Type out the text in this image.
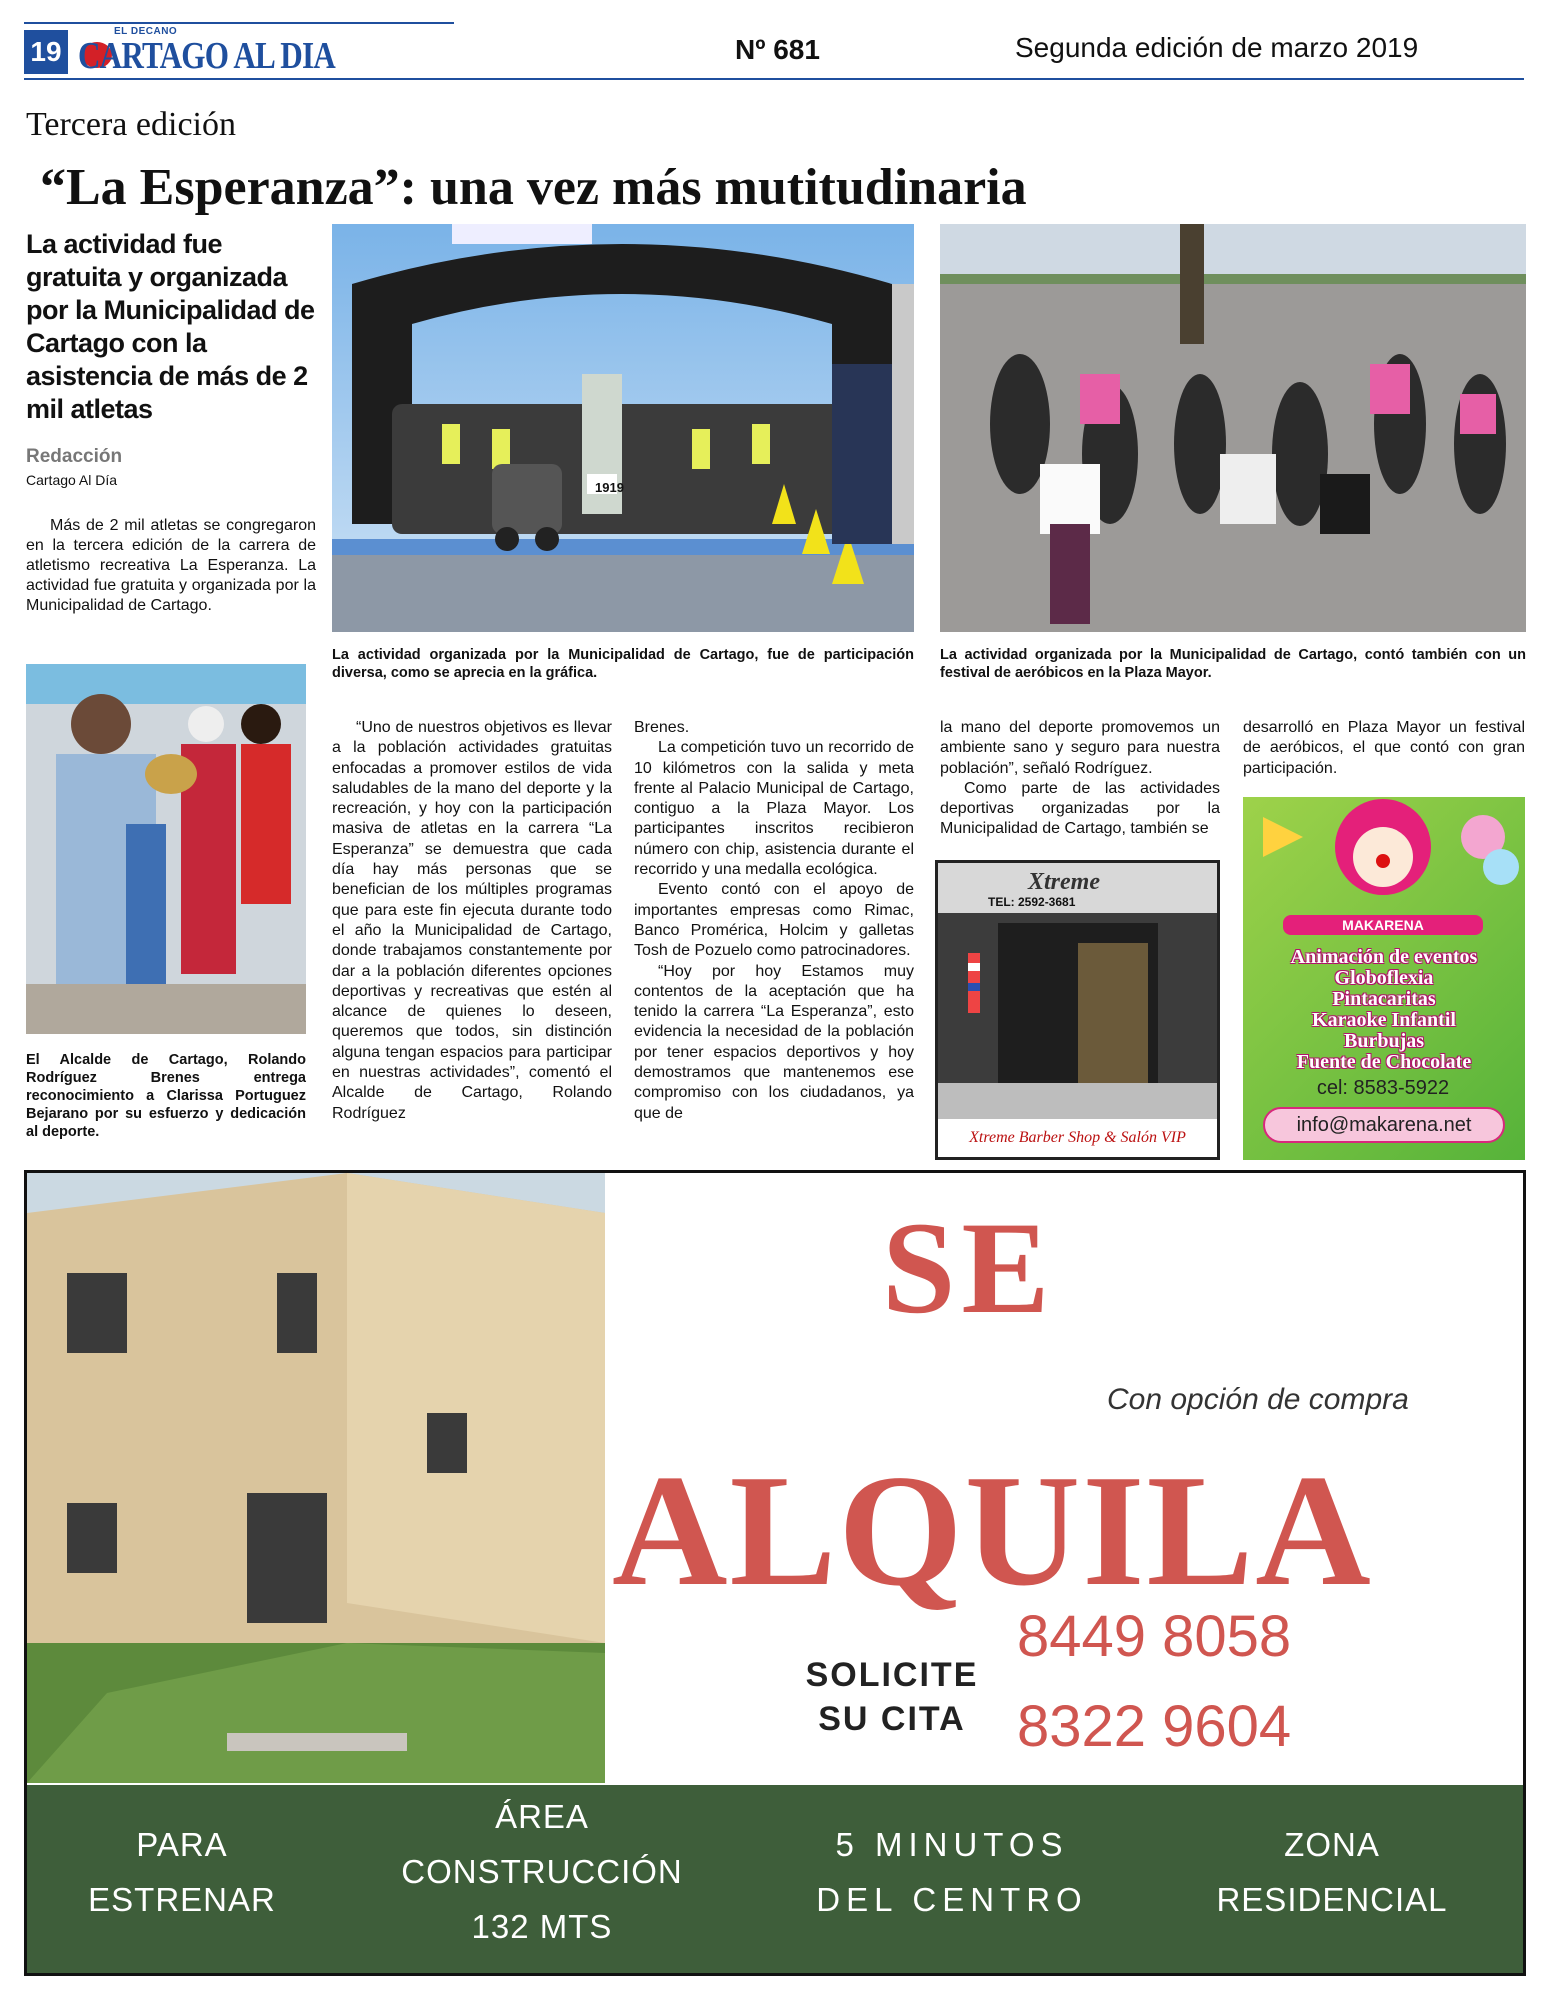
19
EL DECANO
CARTAGO AL DIA	Nº 681	Segunda edición de marzo 2019
Tercera edición
“La Esperanza”: una vez más mutitudinaria
La actividad fue gratuita y organizada por la Municipalidad de Cartago con la asistencia de más de 2 mil atletas
Redacción
Cartago Al Día
Más de 2 mil atletas se congregaron en la tercera edición de la carrera de atletismo recreativa La Esperanza. La actividad fue gratuita y organizada por la Municipalidad de Cartago.
1919
La actividad organizada por la Municipalidad de Cartago, fue de participación diversa, como se aprecia en la gráfica.
La actividad organizada por la Municipalidad de Cartago, contó también con un festival de aeróbicos en la Plaza Mayor.
El Alcalde de Cartago, Rolando Rodríguez Brenes entrega reconocimiento a Clarissa Portuguez Bejarano por su esfuerzo y dedicación al deporte.

“Uno de nuestros objetivos es llevar a la población actividades gratuitas enfocadas a promover estilos de vida saludables de la mano del deporte y la recreación, y hoy con la participación masiva de atletas en la carrera “La Esperanza” se demuestra que cada día hay más personas que se benefician de los múltiples programas que para este fin ejecuta durante todo el año la Municipalidad de Cartago, donde trabajamos constantemente por dar a la población diferentes opciones deportivas y recreativas que estén al alcance de quienes lo deseen, queremos que todos, sin distinción alguna tengan espacios para participar en nuestras actividades”, comentó el Alcalde de Cartago, Rolando Rodríguez

Brenes.

La competición tuvo un recorrido de 10 kilómetros con la salida y meta frente al Palacio Municipal de Cartago, contiguo a la Plaza Mayor. Los participantes inscritos recibieron número con chip, asistencia durante el recorrido y una medalla ecológica.

Evento contó con el apoyo de importantes empresas como Rimac, Banco Promérica, Holcim y galletas Tosh de Pozuelo como patrocinadores.

“Hoy por hoy Estamos muy contentos de la aceptación que ha tenido la carrera “La Esperanza”, esto evidencia la necesidad de la población por tener espacios deportivos y hoy demostramos que mantenemos ese compromiso con los ciudadanos, ya que de

la mano del deporte promovemos un ambiente sano y seguro para nuestra población”, señaló Rodríguez.

Como parte de las actividades deportivas organizadas por la Municipalidad de Cartago, también se

desarrolló en Plaza Mayor un festival de aeróbicos, el que contó con gran participación.
Xtreme
TEL: 2592-3681
Xtreme Barber Shop & Salón VIP
MAKARENA
Animación de eventos
Globoflexia
Pintacaritas
Karaoke Infantil
Burbujas
Fuente de Chocolate
cel: 8583-5922
info@makarena.net
SE
Con opción de compra
ALQUILA
SOLICITE
SU CITA
8449 8058
8322 9604
PARA
ESTRENAR
ÁREA
CONSTRUCCIÓN
132 MTS
5 MINUTOS
DEL CENTRO
ZONA
RESIDENCIAL
